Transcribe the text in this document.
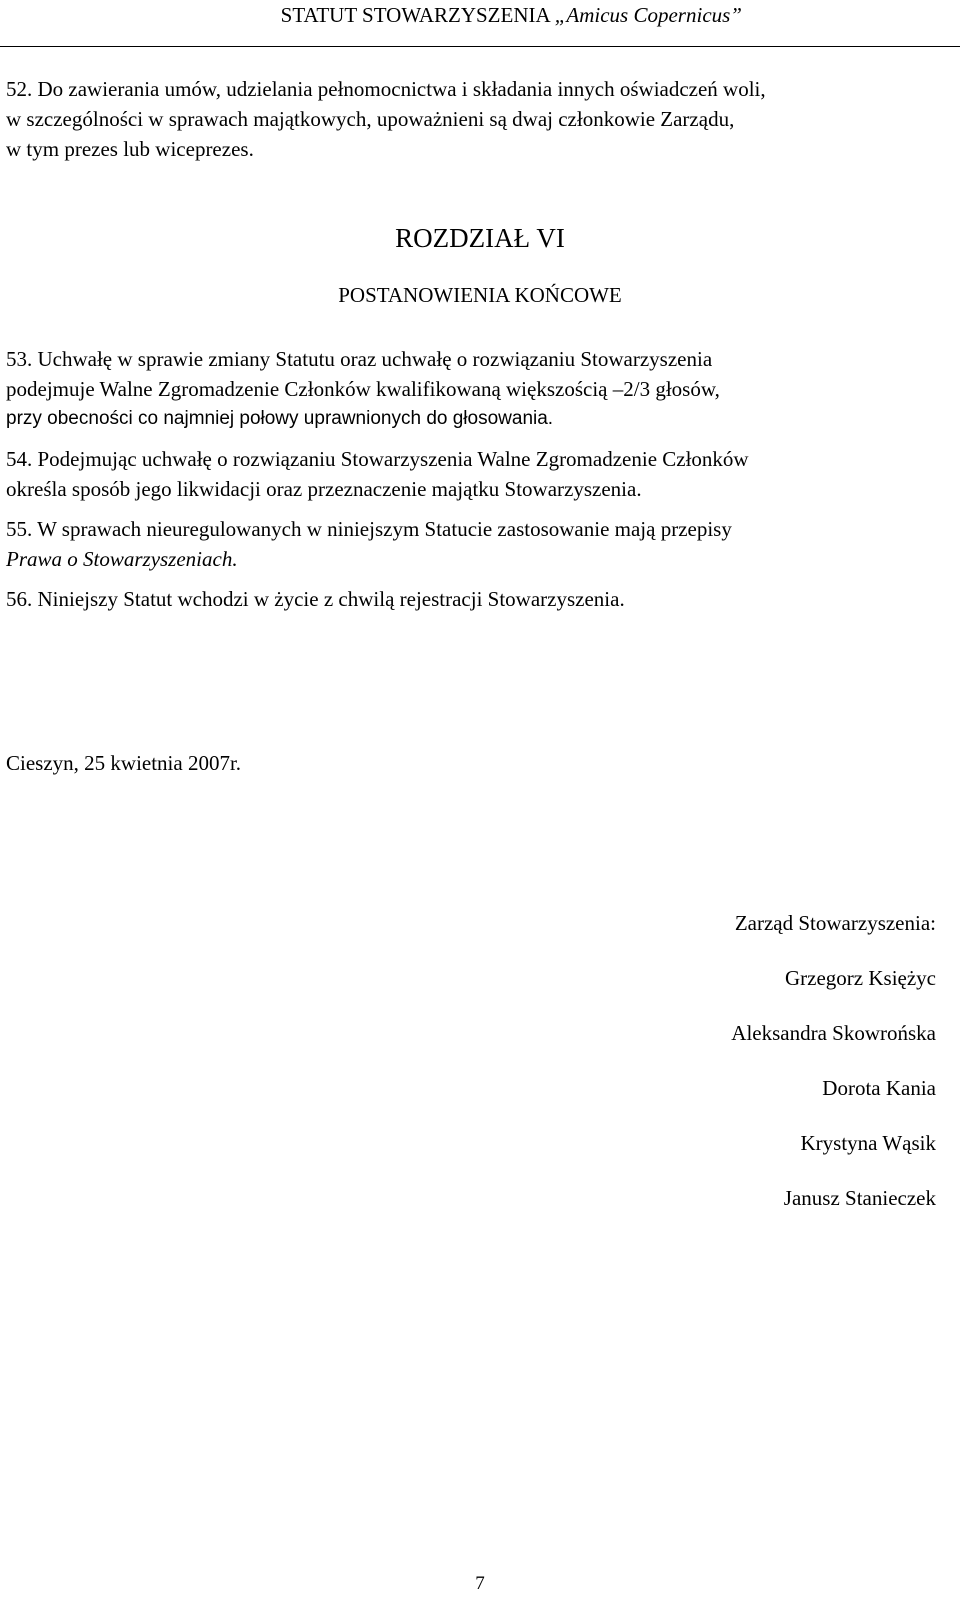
STATUT STOWARZYSZENIA „Amicus Copernicus”
52. Do zawierania umów, udzielania pełnomocnictwa i składania innych oświadczeń woli,
w szczególności w sprawach majątkowych, upoważnieni są dwaj członkowie Zarządu,
w tym prezes lub wiceprezes.
ROZDZIAŁ VI
POSTANOWIENIA KOŃCOWE
53. Uchwałę w sprawie zmiany Statutu oraz uchwałę o rozwiązaniu Stowarzyszenia
podejmuje Walne Zgromadzenie Członków kwalifikowaną większością –2/3 głosów,
przy obecności co najmniej połowy uprawnionych do głosowania.
54. Podejmując uchwałę o rozwiązaniu Stowarzyszenia Walne Zgromadzenie Członków
określa sposób jego likwidacji oraz przeznaczenie majątku Stowarzyszenia.
55. W sprawach nieuregulowanych w niniejszym Statucie zastosowanie mają przepisy
Prawa o Stowarzyszeniach.
56. Niniejszy Statut wchodzi w życie z chwilą rejestracji Stowarzyszenia.
Cieszyn, 25 kwietnia 2007r.
Zarząd Stowarzyszenia:
Grzegorz Księżyc
Aleksandra Skowrońska
Dorota Kania
Krystyna Wąsik
Janusz Stanieczek
7
